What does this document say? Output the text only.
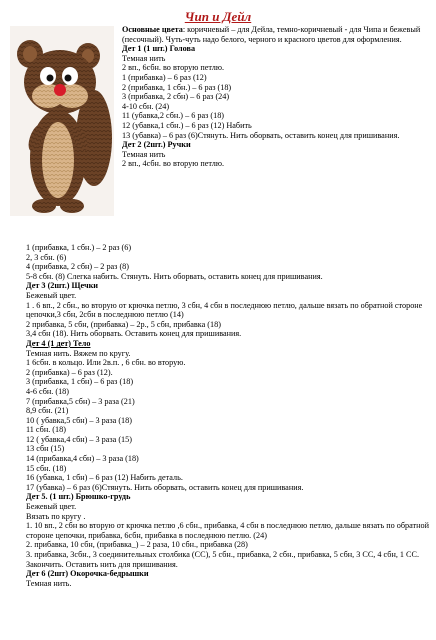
Чип и Дейл
Основные цвета: коричневый – для Дейла, темно-коричневый - для Чипа и бежевый (песочный). Чуть-чуть надо белого, черного и красного цветов для оформления.
Дет 1 (1 шт.) Голова
Темная нить
2 вп., 6сбн. во вторую петлю.
1 (прибавка) – 6 раз (12)
2 (прибавка, 1 сбн.) – 6 раз (18)
3 (прибавка, 2 сбн) – 6 раз (24)
4-10 сбн. (24)
11 (убавка,2 сбн.) – 6 раз (18)
12 (убавка,1 сбн.) – 6 раз (12) Набить
13 (убавка) – 6 раз (6)Стянуть. Нить оборвать, оставить конец для пришивания.
Дет 2 (2шт.) Ручки
Темная нить
2 вп., 4сбн. во вторую петлю.
1 (прибавка, 1 сбн.) – 2 раз (6)
2, 3 сбн. (6)
4 (прибавка, 2 сбн) – 2 раз (8)
5-8 сбн. (8) Слегка набить. Стянуть. Нить оборвать, оставить конец для пришивания.
Дет 3 (2шт.) Щечки
Бежевый цвет.
1 . 6 вп., 2 сбн., во вторую от крючка петлю, 3 сбн, 4 сбн в последнюю петлю, дальше вязать по обратной стороне цепочки,3 сбн, 2сбн в последнюю петлю (14)
2 прибавка, 5 сбн, (прибавка) – 2р., 5 сбн, прибавка (18)
3,4 сбн (18). Нить оборвать. Оставить конец для пришивания.
Дет 4 (1 дет) Тело
Темная нить. Вяжем по кругу.
1 6сбн. в кольцо. Или 2в.п. , 6 сбн. во вторую.
2 (прибавка) – 6 раз (12).
3 (прибавка, 1 сбн) – 6 раз (18)
4-6 сбн. (18)
7 (прибавка,5 сбн) – 3 раза (21)
8,9 сбн. (21)
10 ( убавка,5 сбн) – 3 раза (18)
11 сбн. (18)
12 ( убавка,4 сбн) – 3 раза (15)
13 сбн (15)
14 (прибавка,4 сбн) – 3 раза (18)
15 сбн. (18)
16 (убавка, 1 сбн) – 6 раз (12) Набить деталь.
17 (убавка) – 6 раз (6)Стянуть. Нить оборвать, оставить конец для пришивания.
Дет 5. (1 шт.) Брюшко-грудь
Бежевый цвет.
Вязать по кругу .
1. 10 вп., 2 сбн во вторую от крючка петлю ,6 сбн., прибавка, 4 сбн в последнюю петлю, дальше вязать по обратной стороне цепочки, прибавка, 6сбн, прибавка в последнюю петлю. (24)
2. прибавка, 10 сбн, (прибавка_) – 2 раза, 10 сбн., прибавка (28)
3. прибавка, 3сбн., 3 соединительных столбика (СС), 5 сбн., прибавка, 2 сбн., прибавка, 5 сбн, 3 СС, 4 сбн, 1 СС.
Закончить. Оставить нить для пришивания.
Дет 6 (2шт) Окорочка-бедрышки
Темная нить.
